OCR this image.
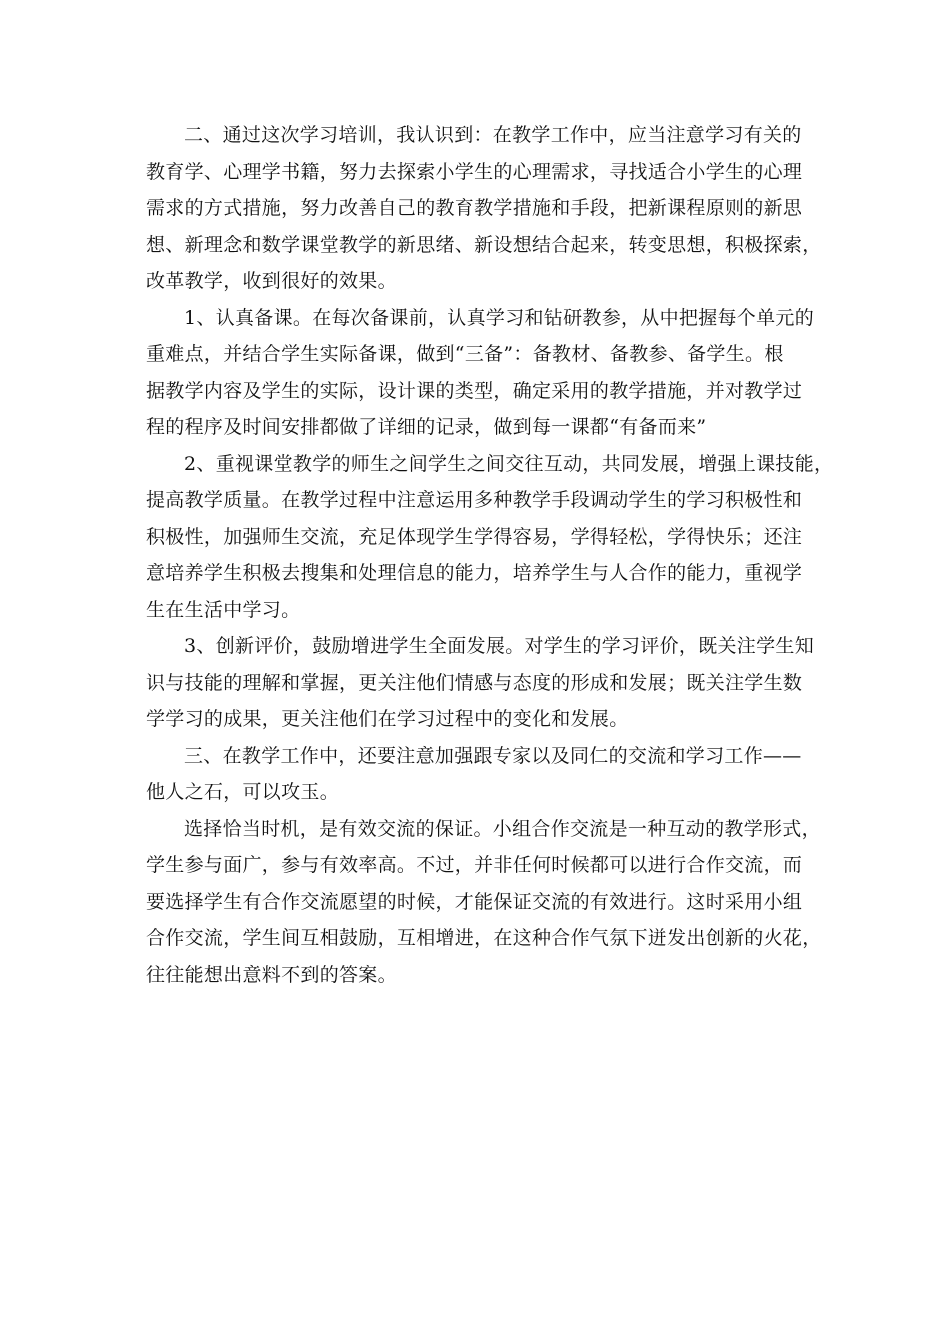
二、通过这次学习培训，我认识到：在教学工作中，应当注意学习有关的
教育学、心理学书籍，努力去探索小学生的心理需求，寻找适合小学生的心理
需求的方式措施，努力改善自己的教育教学措施和手段，把新课程原则的新思
想、新理念和数学课堂教学的新思绪、新设想结合起来，转变思想，积极探索，
改革教学，收到很好的效果。
1、认真备课。在每次备课前，认真学习和钻研教参，从中把握每个单元的
重难点，并结合学生实际备课，做到“三备”：备教材、备教参、备学生。根
据教学内容及学生的实际，设计课的类型，确定采用的教学措施，并对教学过
程的程序及时间安排都做了详细的记录，做到每一课都“有备而来”
2、重视课堂教学的师生之间学生之间交往互动，共同发展，增强上课技能，
提高教学质量。在教学过程中注意运用多种教学手段调动学生的学习积极性和
积极性，加强师生交流，充足体现学生学得容易，学得轻松，学得快乐；还注
意培养学生积极去搜集和处理信息的能力，培养学生与人合作的能力，重视学
生在生活中学习。
3、创新评价，鼓励增进学生全面发展。对学生的学习评价，既关注学生知
识与技能的理解和掌握，更关注他们情感与态度的形成和发展；既关注学生数
学学习的成果，更关注他们在学习过程中的变化和发展。
三、在教学工作中，还要注意加强跟专家以及同仁的交流和学习工作——
他人之石，可以攻玉。
选择恰当时机，是有效交流的保证。小组合作交流是一种互动的教学形式，
学生参与面广，参与有效率高。不过，并非任何时候都可以进行合作交流，而
要选择学生有合作交流愿望的时候，才能保证交流的有效进行。这时采用小组
合作交流，学生间互相鼓励，互相增进，在这种合作气氛下迸发出创新的火花，
往往能想出意料不到的答案。
